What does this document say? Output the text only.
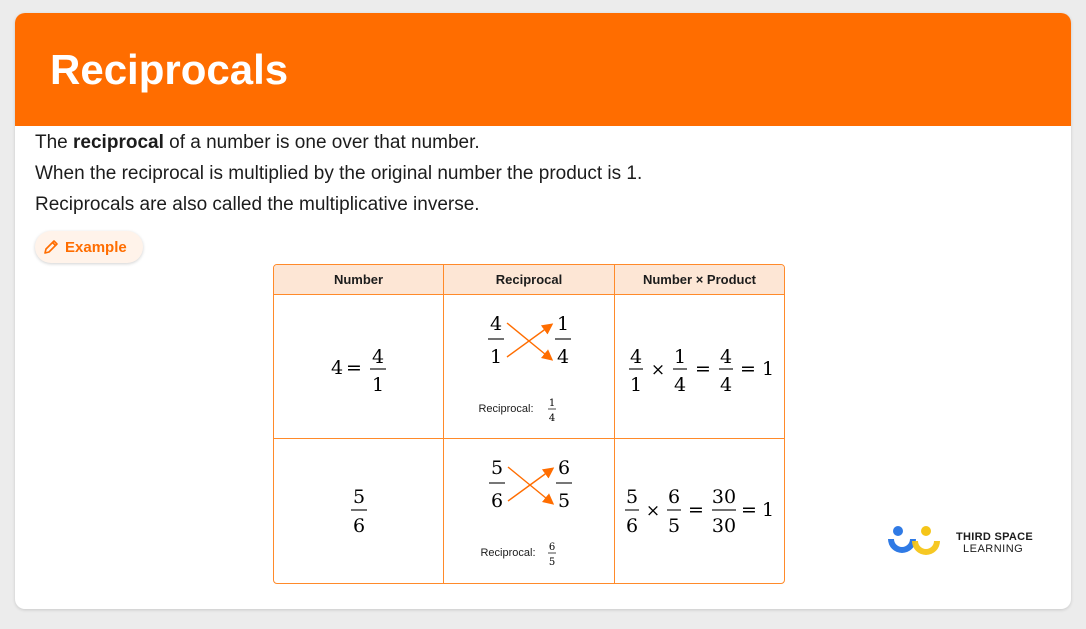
Reciprocals

The reciprocal of a number is one over that number.

When the reciprocal is multiplied by the original number the product is 1.

Reciprocals are also called the multiplicative inverse.

Example
Number	Reciprocal	Number × Product
4 = 4
1
4
1
1
4
Reciprocal: 1
4
4
1
×
1
4
=
4
4
= 1
5
6
5
6
6
5
Reciprocal: 6
5
5
6
×
6
5
=
30
30
= 1
THIRD SPACE
LEARNING
